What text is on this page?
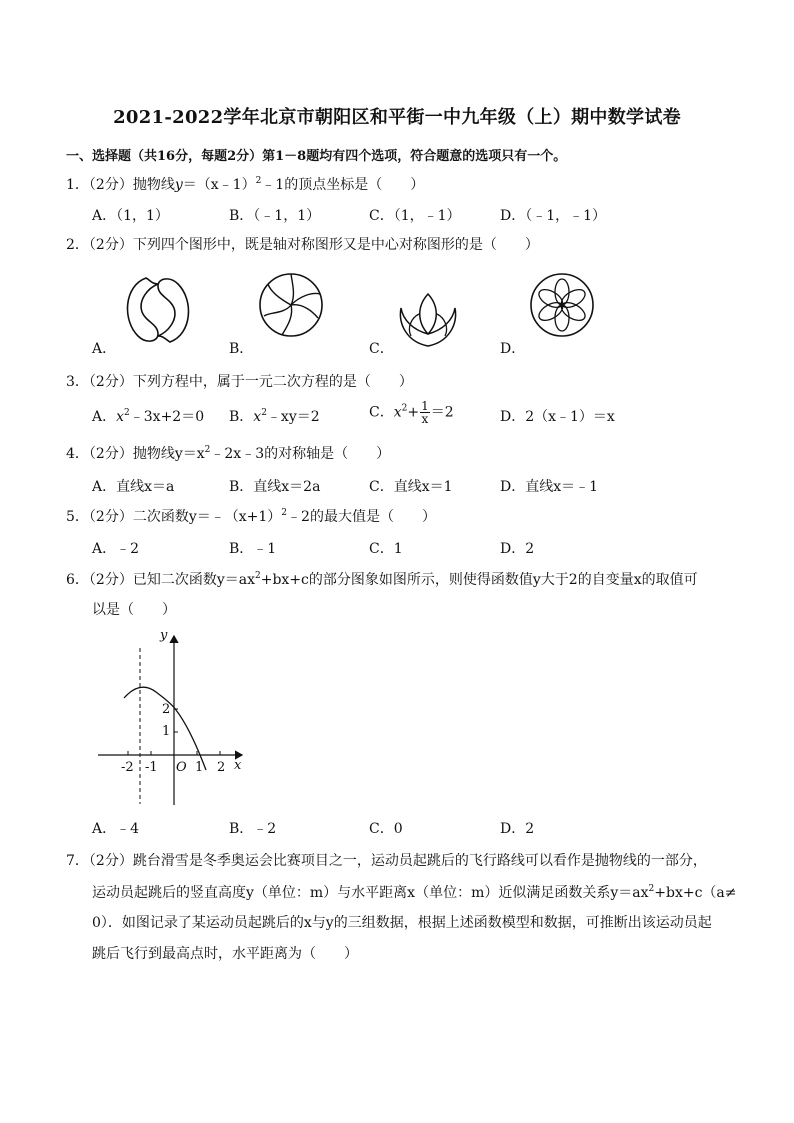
2021-2022学年北京市朝阳区和平街一中九年级（上）期中数学试卷
一、选择题（共16分，每题2分）第1－8题均有四个选项，符合题意的选项只有一个。
1．（2分）抛物线y＝（x﹣1）$^2$﹣1的顶点坐标是（　　）
A．（1，1）	B．（﹣1，1）	C．（1，﹣1）	D．（﹣1，﹣1）
2．（2分）下列四个图形中，既是轴对称图形又是中心对称图形的是（　　）
A．	B．	C．	D．
3．（2分）下列方程中，属于一元二次方程的是（　　）
A．$x^2﹣3x+2=0$ B．$x^2﹣xy=2$	C．$x^2+ \frac{1}{x} =2$	D．2（x﹣1）＝x
4．（2分）抛物线$y=x^2﹣2x﹣3$的对称轴是（　　）
A．直线x＝a	B．直线x＝2a	C．直线x＝1	D．直线x＝﹣1
5．（2分）二次函数$y=﹣(x+1)^2﹣2$的最大值是（　　）
A．﹣2	B．﹣1	C．1	D．2
6．（2分）已知二次函数$y=ax^2+bx+c$的部分图象如图所示，则使得函数值y大于2的自变量x的取值可
以是（　　）
y
x
O
-2 -1	1 2
2
1
A．﹣4	B．﹣2	C．0	D．2
7．（2分）跳台滑雪是冬季奥运会比赛项目之一，运动员起跳后的飞行路线可以看作是抛物线的一部分，
运动员起跳后的竖直高度y（单位：m）与水平距离x（单位：m）近似满足函数关系$y=ax^2+bx+c(a\ne$
0）．如图记录了某运动员起跳后的x与y的三组数据，根据上述函数模型和数据，可推断出该运动员起
跳后飞行到最高点时，水平距离为（　　）
